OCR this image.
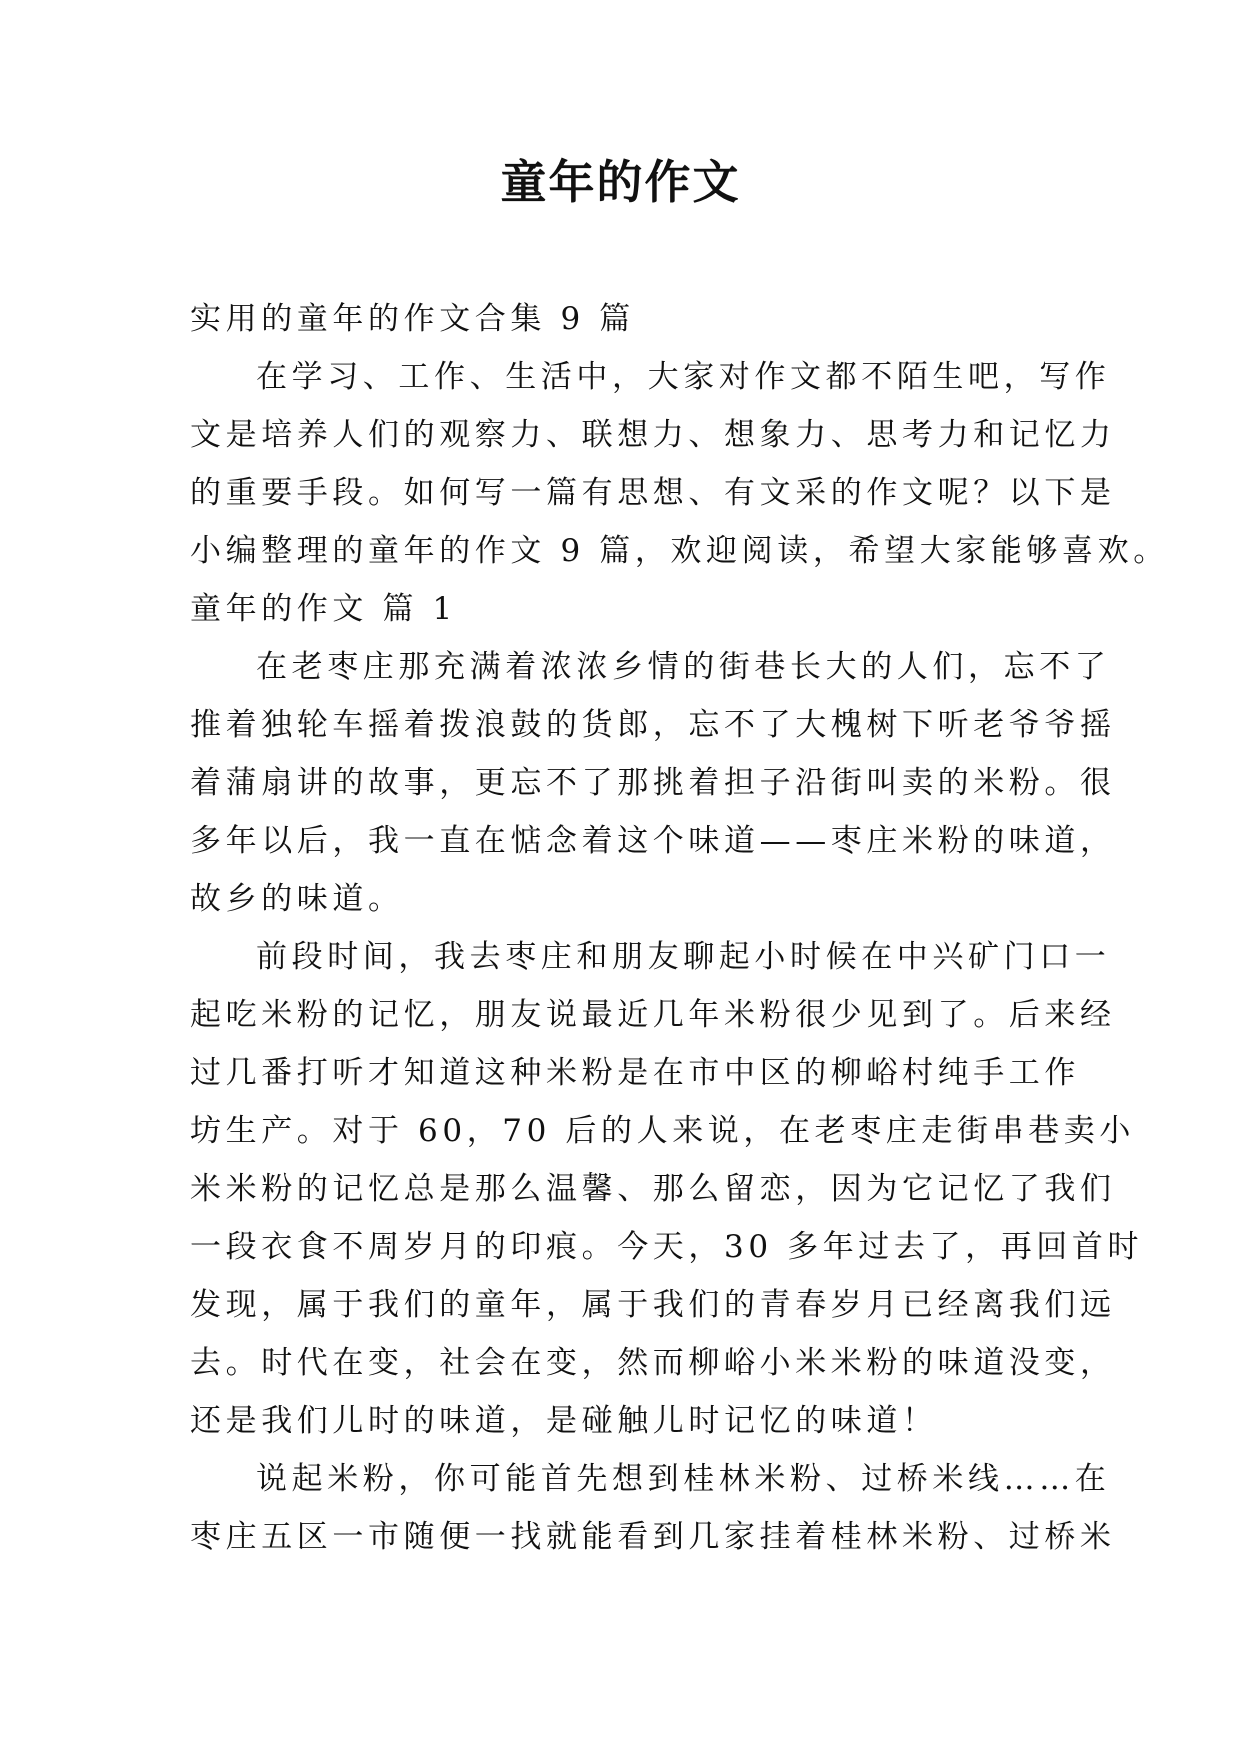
童年的作文
实用的童年的作文合集 9 篇
在学习、工作、生活中，大家对作文都不陌生吧，写作
文是培养人们的观察力、联想力、想象力、思考力和记忆力
的重要手段。如何写一篇有思想、有文采的作文呢？以下是
小编整理的童年的作文 9 篇，欢迎阅读，希望大家能够喜欢。
童年的作文 篇 1
在老枣庄那充满着浓浓乡情的街巷长大的人们，忘不了
推着独轮车摇着拨浪鼓的货郎，忘不了大槐树下听老爷爷摇
着蒲扇讲的故事，更忘不了那挑着担子沿街叫卖的米粉。很
多年以后，我一直在惦念着这个味道——枣庄米粉的味道，
故乡的味道。
前段时间，我去枣庄和朋友聊起小时候在中兴矿门口一
起吃米粉的记忆，朋友说最近几年米粉很少见到了。后来经
过几番打听才知道这种米粉是在市中区的柳峪村纯手工作
坊生产。对于 60，70 后的人来说，在老枣庄走街串巷卖小
米米粉的记忆总是那么温馨、那么留恋，因为它记忆了我们
一段衣食不周岁月的印痕。今天，30 多年过去了，再回首时
发现，属于我们的童年，属于我们的青春岁月已经离我们远
去。时代在变，社会在变，然而柳峪小米米粉的味道没变，
还是我们儿时的味道，是碰触儿时记忆的味道！
说起米粉，你可能首先想到桂林米粉、过桥米线……在
枣庄五区一市随便一找就能看到几家挂着桂林米粉、过桥米
